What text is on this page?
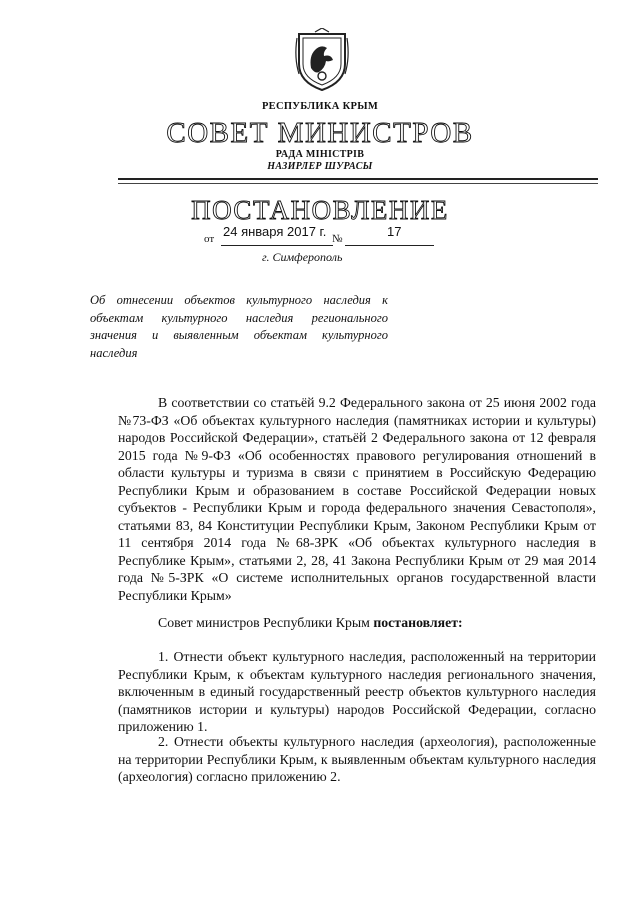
РЕСПУБЛИКА КРЫМ
СОВЕТ МИНИСТРОВ
РАДА МІНІСТРІВ
НАЗИРЛЕР ШУРАСЫ
ПОСТАНОВЛЕНИЕ
от 24 января 2017 г. №	17
г. Симферополь

Об отнесении объектов культурного наследия к объектам культурного наследия регионального значения и выявленным объектам культурного наследия

В соответствии со статьёй 9.2 Федерального закона от 25 июня 2002 года №73-ФЗ «Об объектах культурного наследия (памятниках истории и культуры) народов Российской Федерации», статьёй 2 Федерального закона от 12 февраля 2015 года №9-ФЗ «Об особенностях правового регулирования отношений в области культуры и туризма в связи с принятием в Российскую Федерацию Республики Крым и образованием в составе Российской Федерации новых субъектов - Республики Крым и города федерального значения Севастополя», статьями 83, 84 Конституции Республики Крым, Законом Республики Крым от 11 сентября 2014 года №68-ЗРК «Об объектах культурного наследия в Республике Крым», статьями 2, 28, 41 Закона Республики Крым от 29 мая 2014 года №5-ЗРК «О системе исполнительных органов государственной власти Республики Крым»

Совет министров Республики Крым постановляет:

1. Отнести объект культурного наследия, расположенный на территории Республики Крым, к объектам культурного наследия регионального значения, включенным в единый государственный реестр объектов культурного наследия (памятников истории и культуры) народов Российской Федерации, согласно приложению 1.

2. Отнести объекты культурного наследия (археология), расположенные на территории Республики Крым, к выявленным объектам культурного наследия (археология) согласно приложению 2.
